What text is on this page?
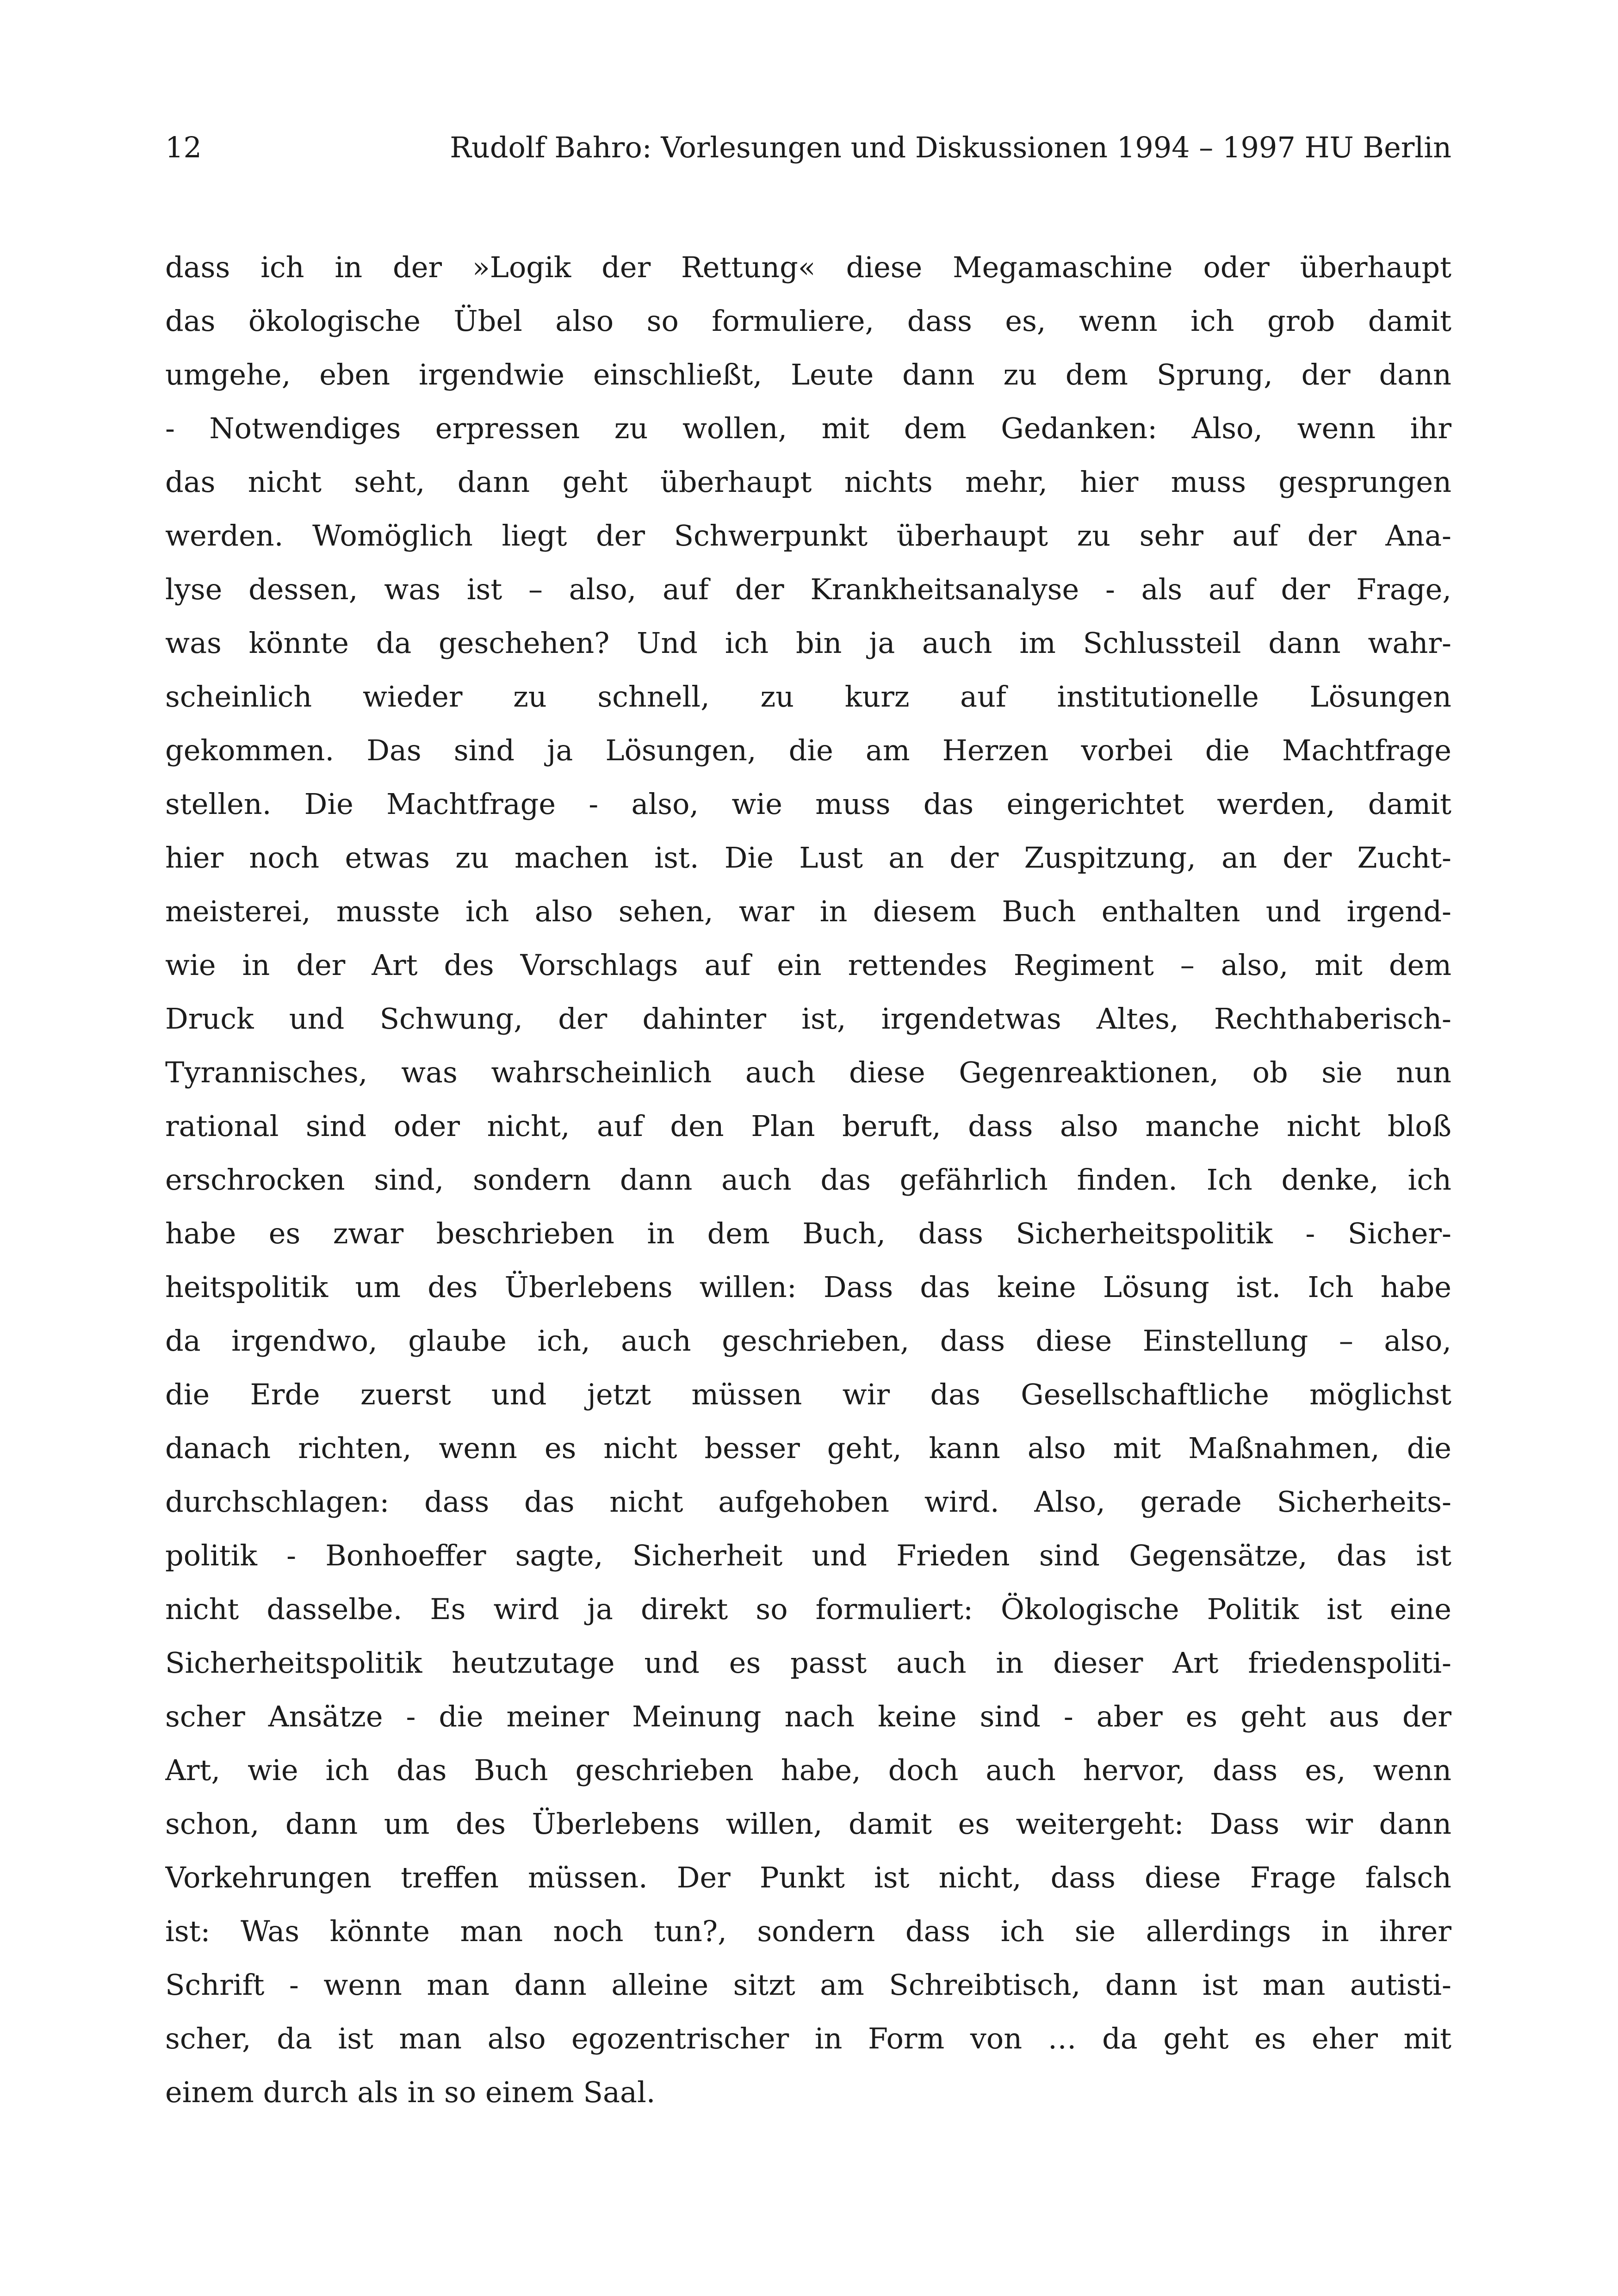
12	Rudolf Bahro: Vorlesungen und Diskussionen 1994 – 1997 HU Berlin
dass ich in der »Logik der Rettung« diese Megamaschine oder überhaupt
das ökologische Übel also so formuliere, dass es, wenn ich grob damit
umgehe, eben irgendwie einschließt, Leute dann zu dem Sprung, der dann
- Notwendiges erpressen zu wollen, mit dem Gedanken: Also, wenn ihr
das nicht seht, dann geht überhaupt nichts mehr, hier muss gesprungen
werden. Womöglich liegt der Schwerpunkt überhaupt zu sehr auf der Ana-
lyse dessen, was ist – also, auf der Krankheitsanalyse - als auf der Frage,
was könnte da geschehen? Und ich bin ja auch im Schlussteil dann wahr-
scheinlich wieder zu schnell, zu kurz auf institutionelle Lösungen
gekommen. Das sind ja Lösungen, die am Herzen vorbei die Machtfrage
stellen. Die Machtfrage - also, wie muss das eingerichtet werden, damit
hier noch etwas zu machen ist. Die Lust an der Zuspitzung, an der Zucht-
meisterei, musste ich also sehen, war in diesem Buch enthalten und irgend-
wie in der Art des Vorschlags auf ein rettendes Regiment – also, mit dem
Druck und Schwung, der dahinter ist, irgendetwas Altes, Rechthaberisch-
Tyrannisches, was wahrscheinlich auch diese Gegenreaktionen, ob sie nun
rational sind oder nicht, auf den Plan beruft, dass also manche nicht bloß
erschrocken sind, sondern dann auch das gefährlich finden. Ich denke, ich
habe es zwar beschrieben in dem Buch, dass Sicherheitspolitik - Sicher-
heitspolitik um des Überlebens willen: Dass das keine Lösung ist. Ich habe
da irgendwo, glaube ich, auch geschrieben, dass diese Einstellung – also,
die Erde zuerst und jetzt müssen wir das Gesellschaftliche möglichst
danach richten, wenn es nicht besser geht, kann also mit Maßnahmen, die
durchschlagen: dass das nicht aufgehoben wird. Also, gerade Sicherheits-
politik - Bonhoeffer sagte, Sicherheit und Frieden sind Gegensätze, das ist
nicht dasselbe. Es wird ja direkt so formuliert: Ökologische Politik ist eine
Sicherheitspolitik heutzutage und es passt auch in dieser Art friedenspoliti-
scher Ansätze - die meiner Meinung nach keine sind - aber es geht aus der
Art, wie ich das Buch geschrieben habe, doch auch hervor, dass es, wenn
schon, dann um des Überlebens willen, damit es weitergeht: Dass wir dann
Vorkehrungen treffen müssen. Der Punkt ist nicht, dass diese Frage falsch
ist: Was könnte man noch tun?, sondern dass ich sie allerdings in ihrer
Schrift - wenn man dann alleine sitzt am Schreibtisch, dann ist man autisti-
scher, da ist man also egozentrischer in Form von … da geht es eher mit
einem durch als in so einem Saal.
